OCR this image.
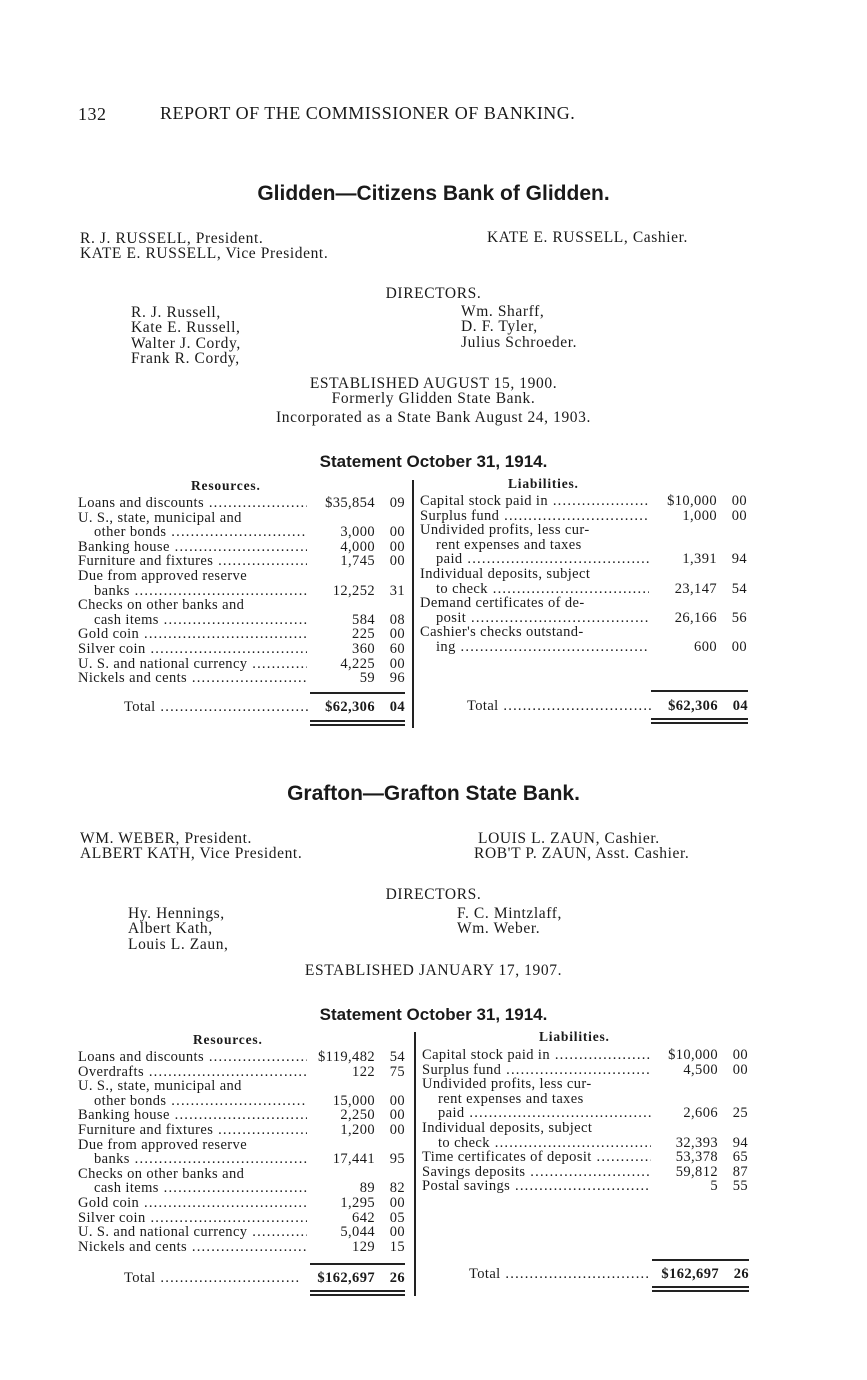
132	REPORT OF THE COMMISSIONER OF BANKING.
Glidden—Citizens Bank of Glidden.
R. J. RUSSELL, President.
KATE E. RUSSELL, Vice President.
KATE E. RUSSELL, Cashier.
DIRECTORS.
R. J. Russell,
Kate E. Russell,
Walter J. Cordy,
Frank R. Cordy,
Wm. Sharff,
D. F. Tyler,
Julius Schroeder.
ESTABLISHED AUGUST 15, 1900.
Formerly Glidden State Bank.
Incorporated as a State Bank August 24, 1903.
Statement October 31, 1914.
Resources.	Liabilities.
Loans and discounts .....	$35,854 09
U. S., state, municipal and
other bonds .....	3,000 00
Banking house .....	4,000 00
Furniture and fixtures .....	1,745 00
Due from approved reserve
banks .....	12,252 31
Checks on other banks and
cash items .....	584 08
Gold coin .....	225 00
Silver coin .....	360 60
U. S. and national currency .....	4,225 00
Nickels and cents .....	59 96
Capital stock paid in .....	$10,000 00
Surplus fund .....	1,000 00
Undivided profits, less cur-
rent expenses and taxes
paid .....	1,391 94
Individual deposits, subject
to check .....	23,147 54
Demand certificates of de-
posit .....	26,166 56
Cashier's checks outstand-
ing .....	600 00
Total .....	$62,306 04	Total .....	$62,306 04
Grafton—Grafton State Bank.
WM. WEBER, President.
ALBERT KATH, Vice President.
LOUIS L. ZAUN, Cashier.
ROB'T P. ZAUN, Asst. Cashier.
DIRECTORS.
Hy. Hennings,
Albert Kath,
Louis L. Zaun,
F. C. Mintzlaff,
Wm. Weber.
ESTABLISHED JANUARY 17, 1907.
Statement October 31, 1914.
Resources.	Liabilities.
Loans and discounts .....	$119,482 54
Overdrafts .....	122 75
U. S., state, municipal and
other bonds .....	15,000 00
Banking house .....	2,250 00
Furniture and fixtures .....	1,200 00
Due from approved reserve
banks .....	17,441 95
Checks on other banks and
cash items .....	89 82
Gold coin .....	1,295 00
Silver coin .....	642 05
U. S. and national currency .....	5,044 00
Nickels and cents .....	129 15
Capital stock paid in .....	$10,000 00
Surplus fund .....	4,500 00
Undivided profits, less cur-
rent expenses and taxes
paid .....	2,606 25
Individual deposits, subject
to check .....	32,393 94
Time certificates of deposit .....	53,378 65
Savings deposits .....	59,812 87
Postal savings .....	5 55
Total .....	$162,697 26	Total .....	$162,697 26
